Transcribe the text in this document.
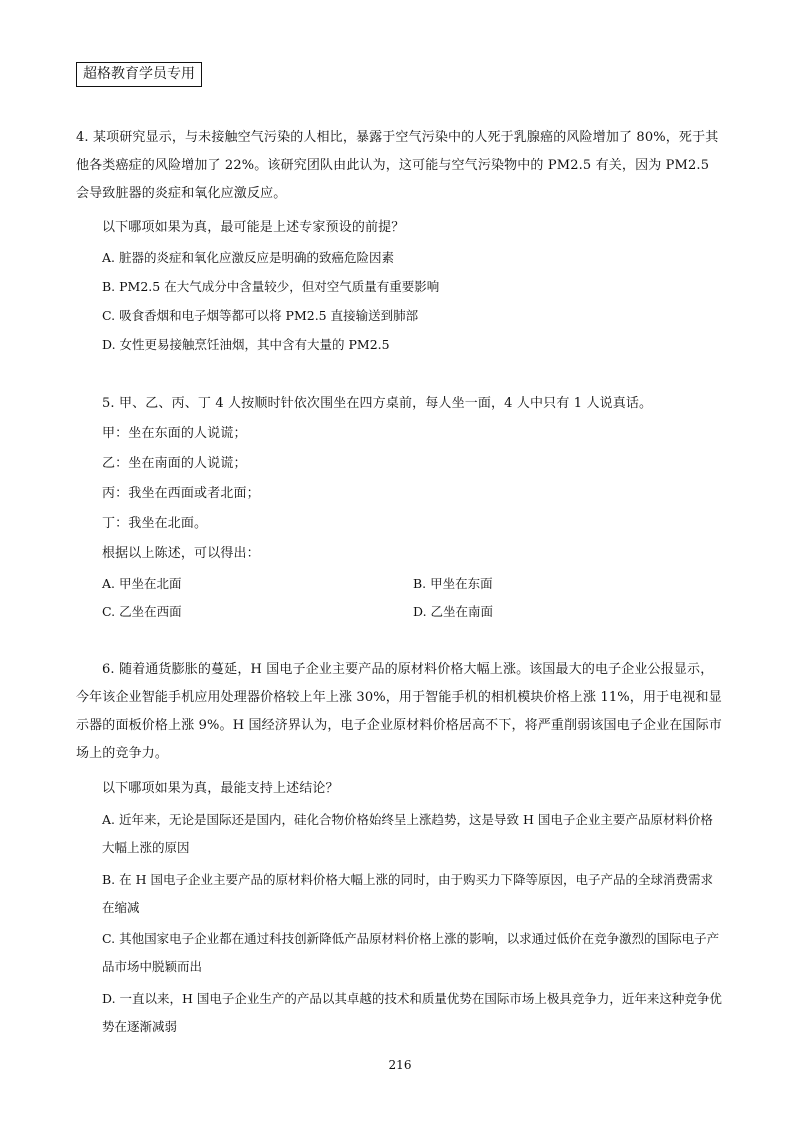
超格教育学员专用

4. 某项研究显示，与未接触空气污染的人相比，暴露于空气污染中的人死于乳腺癌的风险增加了 80%，死于其他各类癌症的风险增加了 22%。该研究团队由此认为，这可能与空气污染物中的 PM2.5 有关，因为 PM2.5 会导致脏器的炎症和氧化应激反应。

以下哪项如果为真，最可能是上述专家预设的前提？

A. 脏器的炎症和氧化应激反应是明确的致癌危险因素

B. PM2.5 在大气成分中含量较少，但对空气质量有重要影响

C. 吸食香烟和电子烟等都可以将 PM2.5 直接输送到肺部

D. 女性更易接触烹饪油烟，其中含有大量的 PM2.5

5. 甲、乙、丙、丁 4 人按顺时针依次围坐在四方桌前，每人坐一面，4 人中只有 1 人说真话。

甲：坐在东面的人说谎；

乙：坐在南面的人说谎；

丙：我坐在西面或者北面；

丁：我坐在北面。

根据以上陈述，可以得出：

A. 甲坐在北面	B. 甲坐在东面

C. 乙坐在西面	D. 乙坐在南面

6. 随着通货膨胀的蔓延，H 国电子企业主要产品的原材料价格大幅上涨。该国最大的电子企业公报显示，今年该企业智能手机应用处理器价格较上年上涨 30%，用于智能手机的相机模块价格上涨 11%，用于电视和显示器的面板价格上涨 9%。H 国经济界认为，电子企业原材料价格居高不下，将严重削弱该国电子企业在国际市场上的竞争力。

以下哪项如果为真，最能支持上述结论？

A. 近年来，无论是国际还是国内，硅化合物价格始终呈上涨趋势，这是导致 H 国电子企业主要产品原材料价格大幅上涨的原因

B. 在 H 国电子企业主要产品的原材料价格大幅上涨的同时，由于购买力下降等原因，电子产品的全球消费需求在缩减

C. 其他国家电子企业都在通过科技创新降低产品原材料价格上涨的影响，以求通过低价在竞争激烈的国际电子产品市场中脱颖而出

D. 一直以来，H 国电子企业生产的产品以其卓越的技术和质量优势在国际市场上极具竞争力，近年来这种竞争优势在逐渐减弱

216
